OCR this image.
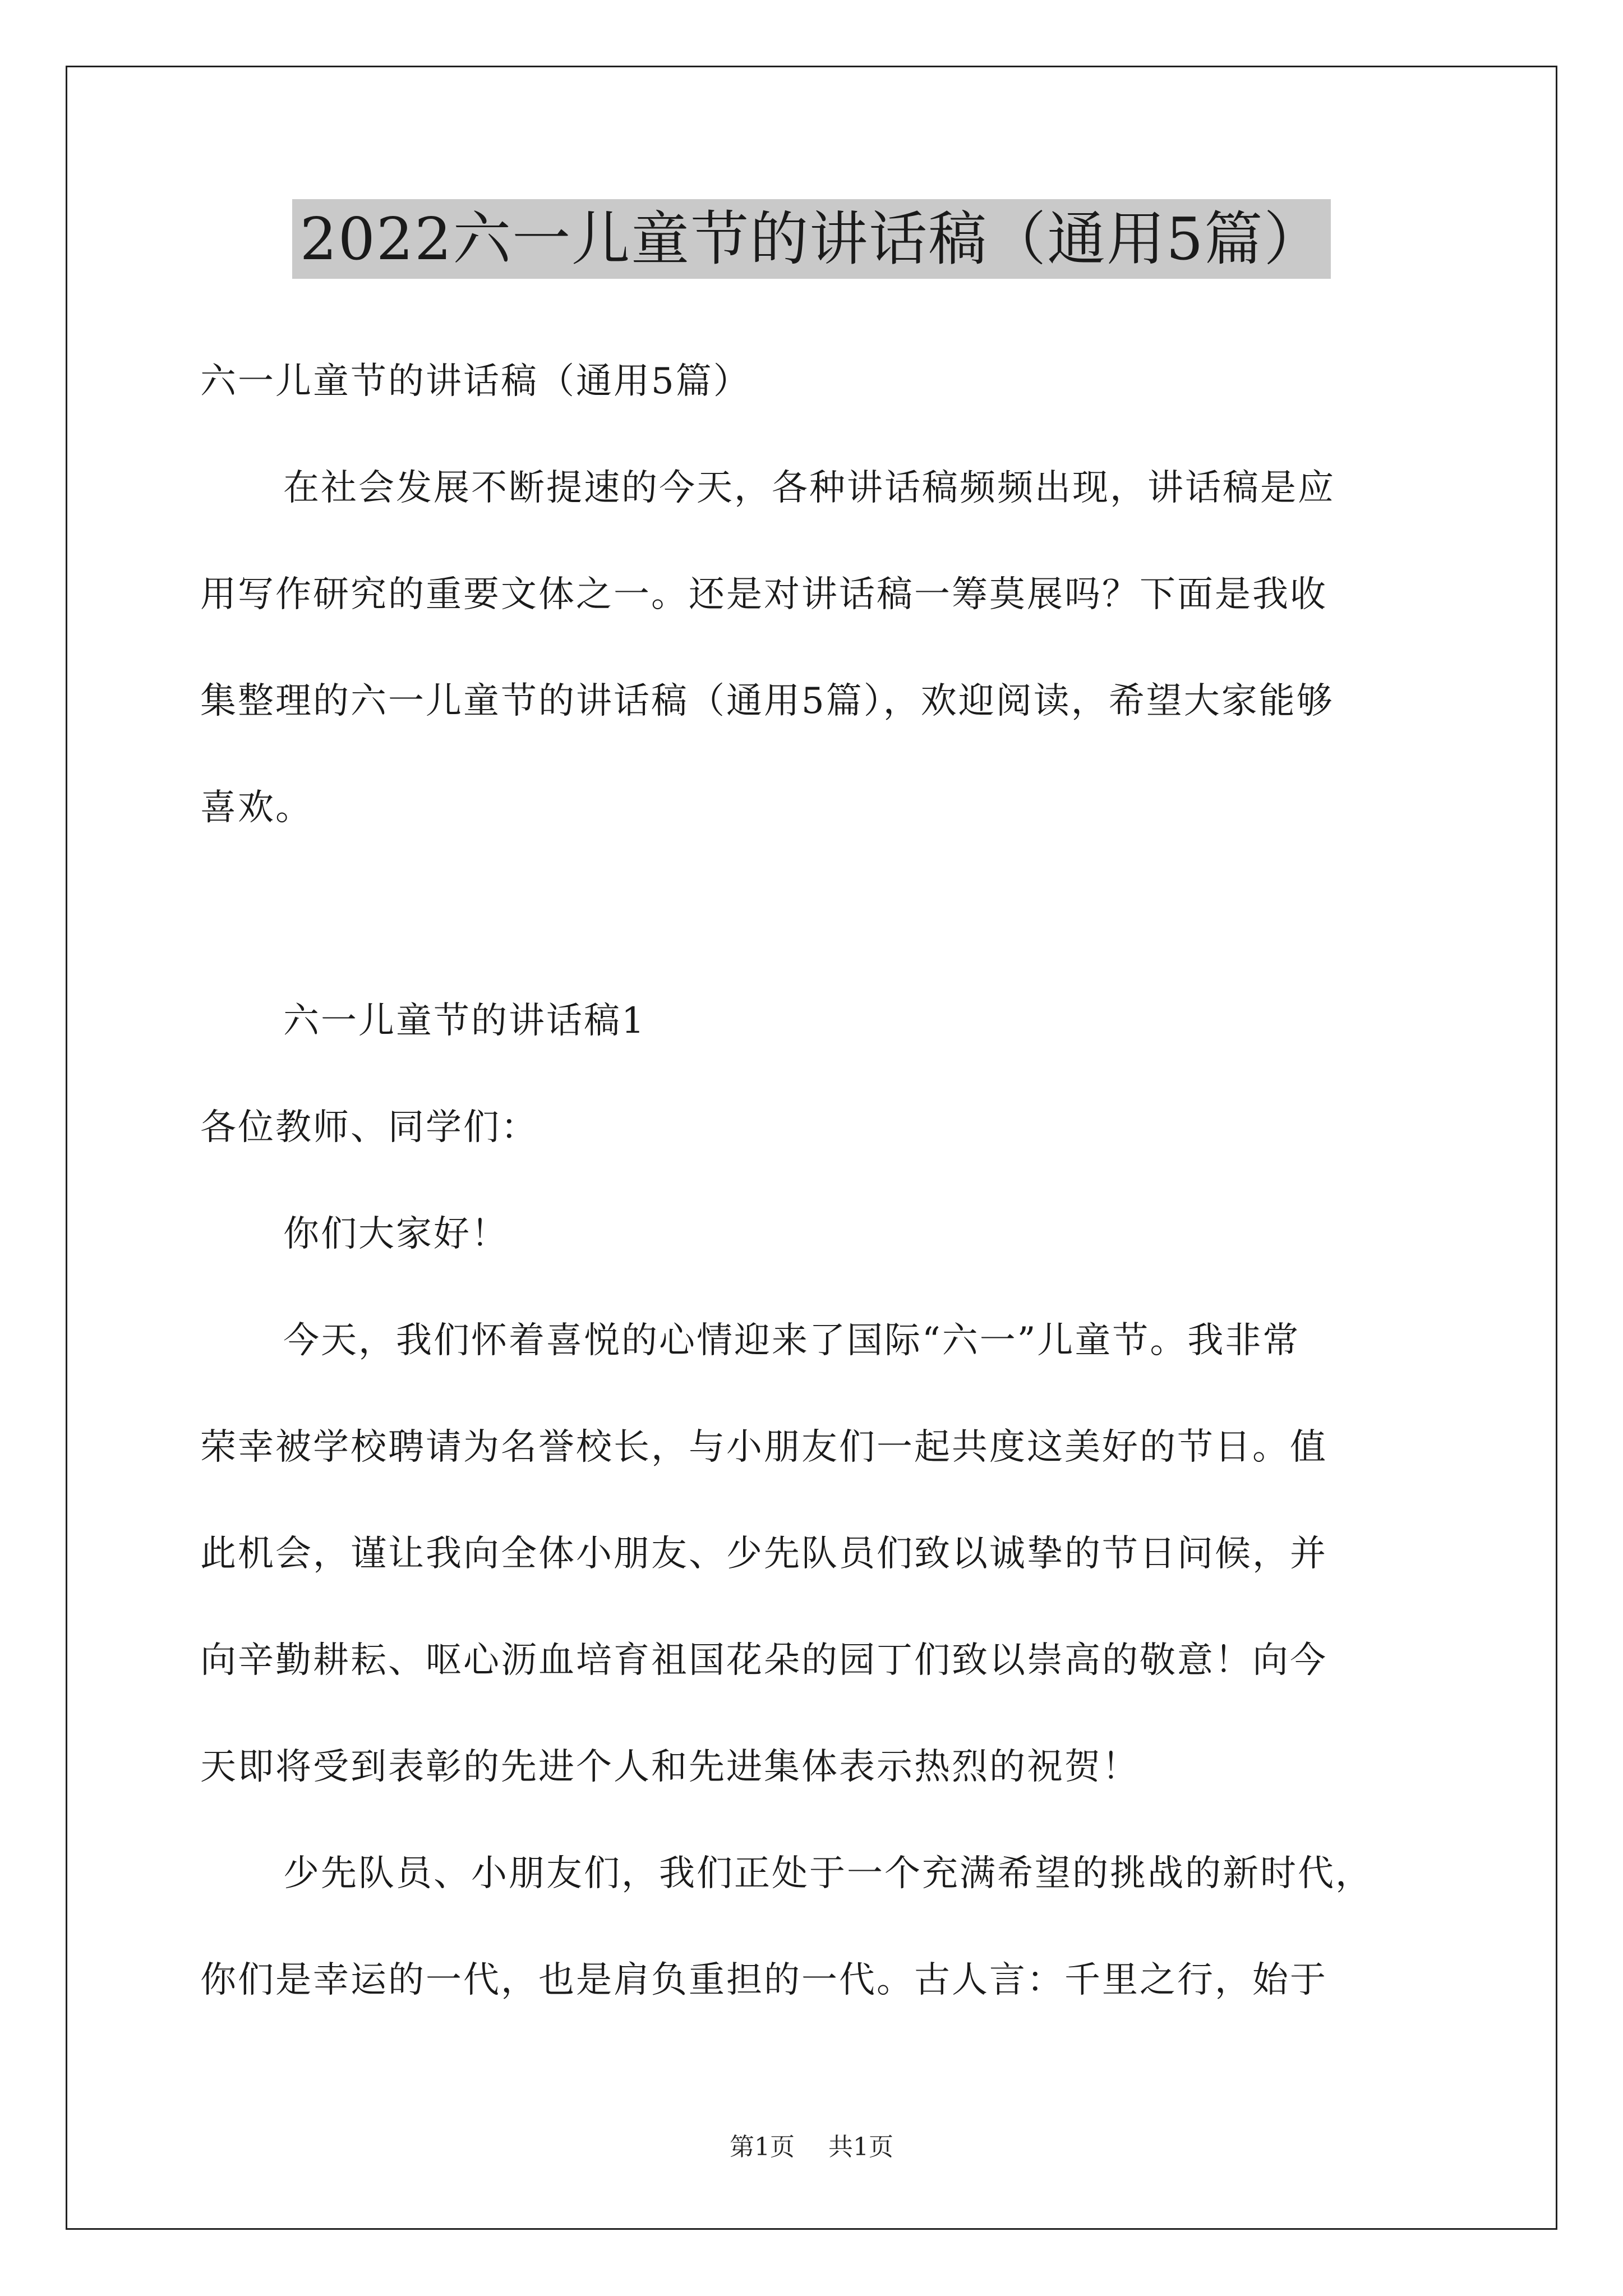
2022六一儿童节的讲话稿（通用5篇）
六一儿童节的讲话稿（通用5篇）
在社会发展不断提速的今天，各种讲话稿频频出现，讲话稿是应
用写作研究的重要文体之一。还是对讲话稿一筹莫展吗？下面是我收
集整理的六一儿童节的讲话稿（通用5篇），欢迎阅读，希望大家能够
喜欢。
六一儿童节的讲话稿1
各位教师、同学们：
你们大家好！
今天，我们怀着喜悦的心情迎来了国际“六一”儿童节。我非常
荣幸被学校聘请为名誉校长，与小朋友们一起共度这美好的节日。值
此机会，谨让我向全体小朋友、少先队员们致以诚挚的节日问候，并
向辛勤耕耘、呕心沥血培育祖国花朵的园丁们致以崇高的敬意！向今
天即将受到表彰的先进个人和先进集体表示热烈的祝贺！
少先队员、小朋友们，我们正处于一个充满希望的挑战的新时代，
你们是幸运的一代，也是肩负重担的一代。古人言：千里之行，始于
第1页 共1页
